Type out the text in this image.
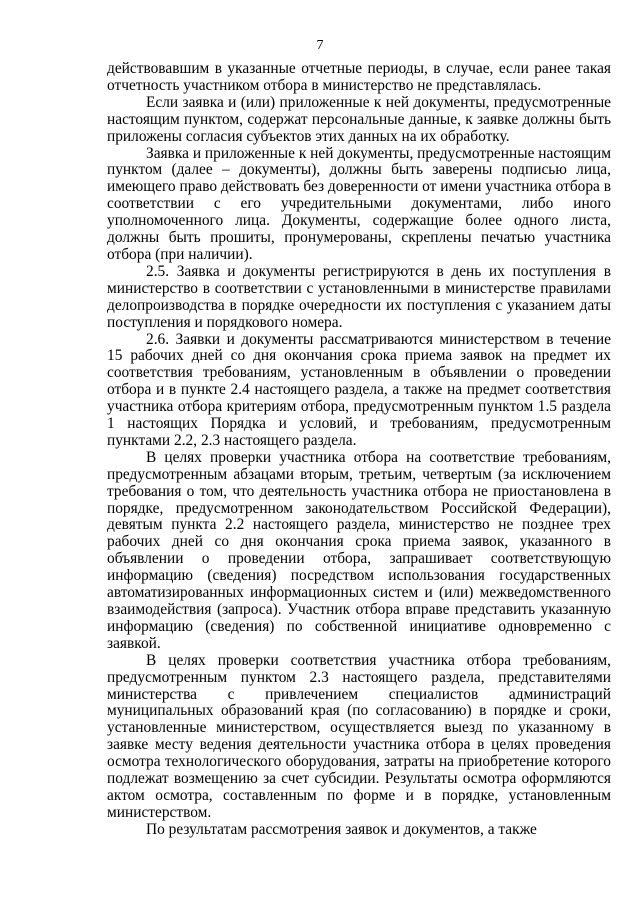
7

действовавшим в указанные отчетные периоды, в случае, если ранее такая отчетность участником отбора в министерство не представлялась.

Если заявка и (или) приложенные к ней документы, предусмотренные настоящим пунктом, содержат персональные данные, к заявке должны быть приложены согласия субъектов этих данных на их обработку.

Заявка и приложенные к ней документы, предусмотренные настоящим пунктом (далее – документы), должны быть заверены подписью лица, имеющего право действовать без доверенности от имени участника отбора в соответствии с его учредительными документами, либо иного уполномоченного лица. Документы, содержащие более одного листа, должны быть прошиты, пронумерованы, скреплены печатью участника отбора (при наличии).

2.5. Заявка и документы регистрируются в день их поступления в министерство в соответствии с установленными в министерстве правилами делопроизводства в порядке очередности их поступления с указанием даты поступления и порядкового номера.

2.6. Заявки и документы рассматриваются министерством в течение 15 рабочих дней со дня окончания срока приема заявок на предмет их соответствия требованиям, установленным в объявлении о проведении отбора и в пункте 2.4 настоящего раздела, а также на предмет соответствия участника отбора критериям отбора, предусмотренным пунктом 1.5 раздела 1 настоящих Порядка и условий, и требованиям, предусмотренным пунктами 2.2, 2.3 настоящего раздела.

В целях проверки участника отбора на соответствие требованиям, предусмотренным абзацами вторым, третьим, четвертым (за исключением требования о том, что деятельность участника отбора не приостановлена в порядке, предусмотренном законодательством Российской Федерации), девятым пункта 2.2 настоящего раздела, министерство не позднее трех рабочих дней со дня окончания срока приема заявок, указанного в объявлении о проведении отбора, запрашивает соответствующую информацию (сведения) посредством использования государственных автоматизированных информационных систем и (или) межведомственного взаимодействия (запроса). Участник отбора вправе представить указанную информацию (сведения) по собственной инициативе одновременно с заявкой.

В целях проверки соответствия участника отбора требованиям, предусмотренным пунктом 2.3 настоящего раздела, представителями министерства с привлечением специалистов администраций муниципальных образований края (по согласованию) в порядке и сроки, установленные министерством, осуществляется выезд по указанному в заявке месту ведения деятельности участника отбора в целях проведения осмотра технологического оборудования, затраты на приобретение которого подлежат возмещению за счет субсидии. Результаты осмотра оформляются актом осмотра, составленным по форме и в порядке, установленным министерством.

По результатам рассмотрения заявок и документов, а также
